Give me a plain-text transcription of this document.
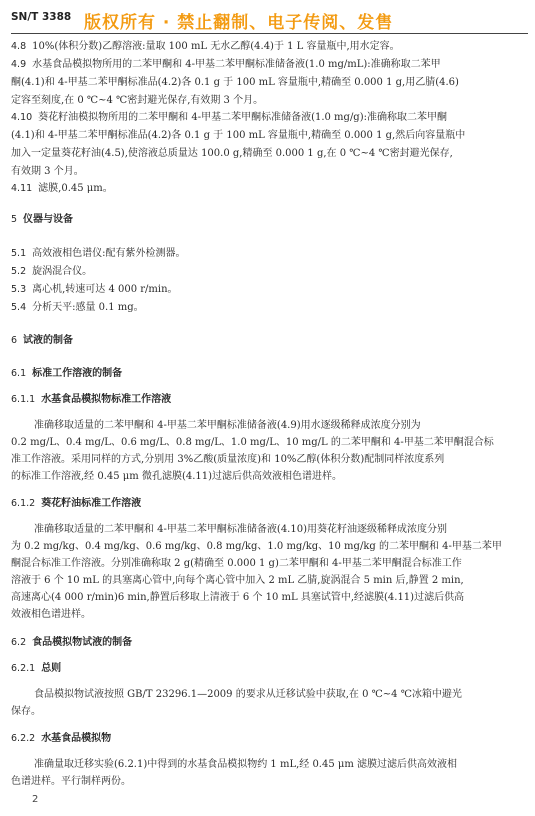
SN/T 3388 版权所有 · 禁止翻制、电子传阅、发售
4.8 10%(体积分数)乙醇溶液:量取 100 mL 无水乙醇(4.4)于 1 L 容量瓶中,用水定容。
4.9 水基食品模拟物所用的二苯甲酮和 4-甲基二苯甲酮标准储备液(1.0 mg/mL):准确称取二苯甲
酮(4.1)和 4-甲基二苯甲酮标准品(4.2)各 0.1 g 于 100 mL 容量瓶中,精确至 0.000 1 g,用乙腈(4.6)
定容至刻度,在 0 ℃~4 ℃密封避光保存,有效期 3 个月。
4.10 葵花籽油模拟物所用的二苯甲酮和 4-甲基二苯甲酮标准储备液(1.0 mg/g):准确称取二苯甲酮
(4.1)和 4-甲基二苯甲酮标准品(4.2)各 0.1 g 于 100 mL 容量瓶中,精确至 0.000 1 g,然后向容量瓶中
加入一定量葵花籽油(4.5),使溶液总质量达 100.0 g,精确至 0.000 1 g,在 0 ℃~4 ℃密封避光保存,
有效期 3 个月。
4.11 滤膜,0.45 μm。
5 仪器与设备
5.1 高效液相色谱仪:配有紫外检测器。
5.2 旋涡混合仪。
5.3 离心机,转速可达 4 000 r/min。
5.4 分析天平:感量 0.1 mg。
6 试液的制备
6.1 标准工作溶液的制备
6.1.1 水基食品模拟物标准工作溶液
准确移取适量的二苯甲酮和 4-甲基二苯甲酮标准储备液(4.9)用水逐级稀释成浓度分别为
0.2 mg/L、0.4 mg/L、0.6 mg/L、0.8 mg/L、1.0 mg/L、10 mg/L 的二苯甲酮和 4-甲基二苯甲酮混合标
准工作溶液。采用同样的方式,分别用 3%乙酸(质量浓度)和 10%乙醇(体积分数)配制同样浓度系列
的标准工作溶液,经 0.45 μm 微孔滤膜(4.11)过滤后供高效液相色谱进样。
6.1.2 葵花籽油标准工作溶液
准确移取适量的二苯甲酮和 4-甲基二苯甲酮标准储备液(4.10)用葵花籽油逐级稀释成浓度分别
为 0.2 mg/kg、0.4 mg/kg、0.6 mg/kg、0.8 mg/kg、1.0 mg/kg、10 mg/kg 的二苯甲酮和 4-甲基二苯甲
酮混合标准工作溶液。分别准确称取 2 g(精确至 0.000 1 g)二苯甲酮和 4-甲基二苯甲酮混合标准工作
溶液于 6 个 10 mL 的具塞离心管中,向每个离心管中加入 2 mL 乙腈,旋涡混合 5 min 后,静置 2 min,
高速离心(4 000 r/min)6 min,静置后移取上清液于 6 个 10 mL 具塞试管中,经滤膜(4.11)过滤后供高
效液相色谱进样。
6.2 食品模拟物试液的制备
6.2.1 总则
食品模拟物试液按照 GB/T 23296.1—2009 的要求从迁移试验中获取,在 0 ℃~4 ℃冰箱中避光
保存。
6.2.2 水基食品模拟物
准确量取迁移实验(6.2.1)中得到的水基食品模拟物约 1 mL,经 0.45 μm 滤膜过滤后供高效液相
色谱进样。平行制样两份。
2
